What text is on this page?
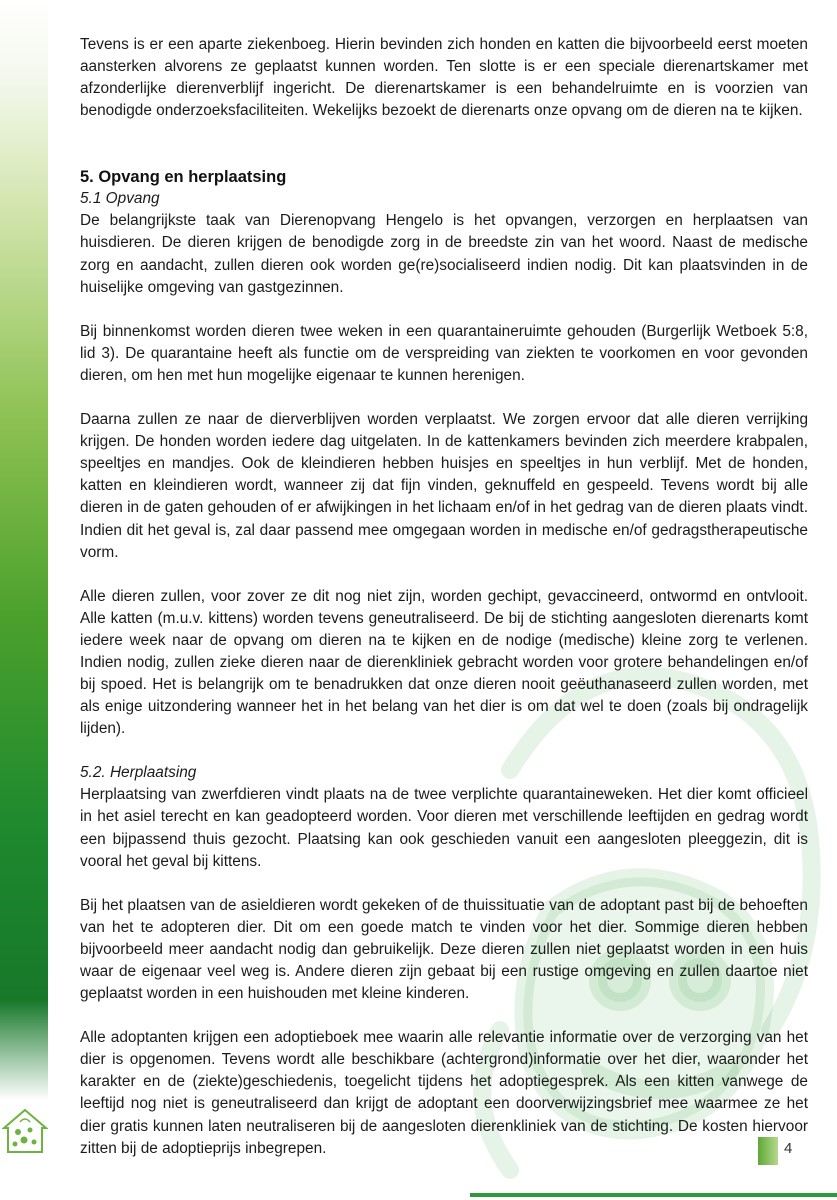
Tevens is er een aparte ziekenboeg. Hierin bevinden zich honden en katten die bijvoorbeeld eerst moeten aansterken alvorens ze geplaatst kunnen worden. Ten slotte is er een speciale dierenartskamer met afzonderlijke dierenverblijf ingericht. De dierenartskamer is een behandelruimte en is voorzien van benodigde onderzoeksfaciliteiten. Wekelijks bezoekt de dierenarts onze opvang om de dieren na te kijken.

5. Opvang en herplaatsing
5.1 Opvang

De belangrijkste taak van Dierenopvang Hengelo is het opvangen, verzorgen en herplaatsen van huisdieren. De dieren krijgen de benodigde zorg in de breedste zin van het woord. Naast de medische zorg en aandacht, zullen dieren ook worden ge(re)socialiseerd indien nodig. Dit kan plaatsvinden in de huiselijke omgeving van gastgezinnen.

Bij binnenkomst worden dieren twee weken in een quarantaineruimte gehouden (Burgerlijk Wetboek 5:8, lid 3). De quarantaine heeft als functie om de verspreiding van ziekten te voorkomen en voor gevonden dieren, om hen met hun mogelijke eigenaar te kunnen herenigen.

Daarna zullen ze naar de dierverblijven worden verplaatst. We zorgen ervoor dat alle dieren verrijking krijgen. De honden worden iedere dag uitgelaten. In de kattenkamers bevinden zich meerdere krabpalen, speeltjes en mandjes. Ook de kleindieren hebben huisjes en speeltjes in hun verblijf. Met de honden, katten en kleindieren wordt, wanneer zij dat fijn vinden, geknuffeld en gespeeld. Tevens wordt bij alle dieren in de gaten gehouden of er afwijkingen in het lichaam en/of in het gedrag van de dieren plaats vindt. Indien dit het geval is, zal daar passend mee omgegaan worden in medische en/of gedragstherapeutische vorm.

Alle dieren zullen, voor zover ze dit nog niet zijn, worden gechipt, gevaccineerd, ontwormd en ontvlooit. Alle katten (m.u.v. kittens) worden tevens geneutraliseerd. De bij de stichting aangesloten dierenarts komt iedere week naar de opvang om dieren na te kijken en de nodige (medische) kleine zorg te verlenen. Indien nodig, zullen zieke dieren naar de dierenkliniek gebracht worden voor grotere behandelingen en/of bij spoed. Het is belangrijk om te benadrukken dat onze dieren nooit geëuthanaseerd zullen worden, met als enige uitzondering wanneer het in het belang van het dier is om dat wel te doen (zoals bij ondragelijk lijden).

5.2. Herplaatsing

Herplaatsing van zwerfdieren vindt plaats na de twee verplichte quarantaineweken. Het dier komt officieel in het asiel terecht en kan geadopteerd worden. Voor dieren met verschillende leeftijden en gedrag wordt een bijpassend thuis gezocht. Plaatsing kan ook geschieden vanuit een aangesloten pleeggezin, dit is vooral het geval bij kittens.

Bij het plaatsen van de asieldieren wordt gekeken of de thuissituatie van de adoptant past bij de behoeften van het te adopteren dier. Dit om een goede match te vinden voor het dier. Sommige dieren hebben bijvoorbeeld meer aandacht nodig dan gebruikelijk. Deze dieren zullen niet geplaatst worden in een huis waar de eigenaar veel weg is. Andere dieren zijn gebaat bij een rustige omgeving en zullen daartoe niet geplaatst worden in een huishouden met kleine kinderen.

Alle adoptanten krijgen een adoptieboek mee waarin alle relevantie informatie over de verzorging van het dier is opgenomen. Tevens wordt alle beschikbare (achtergrond)informatie over het dier, waaronder het karakter en de (ziekte)geschiedenis, toegelicht tijdens het adoptiegesprek. Als een kitten vanwege de leeftijd nog niet is geneutraliseerd dan krijgt de adoptant een doorverwijzingsbrief mee waarmee ze het dier gratis kunnen laten neutraliseren bij de aangesloten dierenkliniek van de stichting. De kosten hiervoor zitten bij de adoptieprijs inbegrepen.	4
